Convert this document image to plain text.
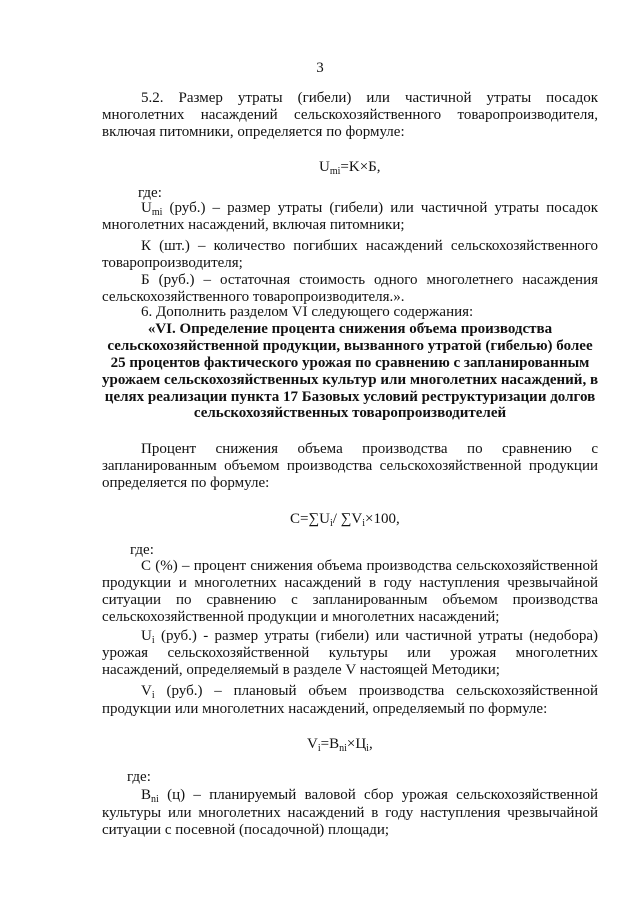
3
5.2. Размер утраты (гибели) или частичной утраты посадок
многолетних насаждений сельскохозяйственного товаропроизводителя,
включая питомники, определяется по формуле:
$U_{mi}=K\times Б$,
где:
$U_{mi}$ (руб.) – размер утраты (гибели) или частичной утраты посадок
многолетних насаждений, включая питомники;
К (шт.) – количество погибших насаждений сельскохозяйственного
товаропроизводителя;
Б (руб.) – остаточная стоимость одного многолетнего насаждения
сельскохозяйственного товаропроизводителя.».
6. Дополнить разделом VI следующего содержания:
«VI. Определение процента снижения объема производства
сельскохозяйственной продукции, вызванного утратой (гибелью) более
25 процентов фактического урожая по сравнению с запланированным
урожаем сельскохозяйственных культур или многолетних насаждений, в
целях реализации пункта 17 Базовых условий реструктуризации долгов
сельскохозяйственных товаропроизводителей
Процент снижения объема производства по сравнению с
запланированным объемом производства сельскохозяйственной продукции
определяется по формуле:
$C=\sum U_i/$ $\sum V_i\times 100$,
где:
С (%) – процент снижения объема производства сельскохозяйственной
продукции и многолетних насаждений в году наступления чрезвычайной
ситуации по сравнению с запланированным объемом производства
сельскохозяйственной продукции и многолетних насаждений;
$U_i$ (руб.) - размер утраты (гибели) или частичной утраты (недобора)
урожая сельскохозяйственной культуры или урожая многолетних
насаждений, определяемый в разделе V настоящей Методики;
$V_i$ (руб.) – плановый объем производства сельскохозяйственной
продукции или многолетних насаждений, определяемый по формуле:
$V_i=B_{ni}\times Ц_i$,
где:
$B_{ni}$ (ц) – планируемый валовой сбор урожая сельскохозяйственной
культуры или многолетних насаждений в году наступления чрезвычайной
ситуации с посевной (посадочной) площади;
